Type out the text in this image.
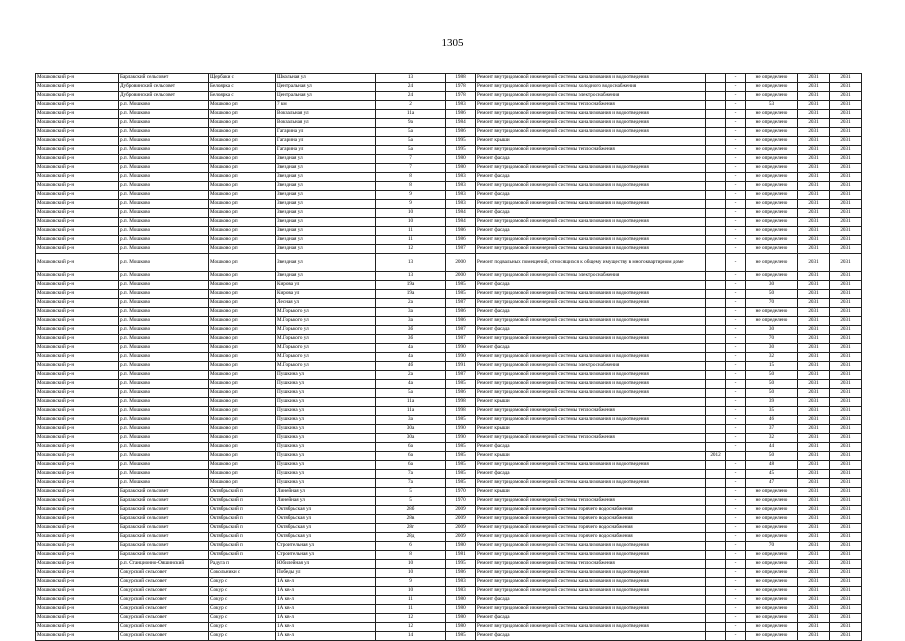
1305
Мошковский р-н	Барлакский сельсовет	Щербаки с	Школьная ул	13	1988	Ремонт внутридомовой инженерной системы канализования и водоотведения		-	не определено	2031	2031
Мошковский р-н	Дубровинский сельсовет	Белоярка с	Центральная ул	24	1978	Ремонт внутридомовой инженерной системы холодного водоснабжения		-	не определено	2031	2031
Мошковский р-н	Дубровинский сельсовет	Белоярка с	Центральная ул	24	1978	Ремонт внутридомовой инженерной системы электроснабжения		-	не определено	2031	2031
Мошковский р-н	р.п. Мошково	Мошково рп	7 км	2	1983	Ремонт внутридомовой инженерной системы теплоснабжения		-	53	2031	2031
Мошковский р-н	р.п. Мошково	Мошково рп	Вокзальная ул	11а	1986	Ремонт внутридомовой инженерной системы канализования и водоотведения		-	не определено	2031	2031
Мошковский р-н	р.п. Мошково	Мошково рп	Вокзальная ул	9а	1984	Ремонт внутридомовой инженерной системы канализования и водоотведения		-	не определено	2031	2031
Мошковский р-н	р.п. Мошково	Мошково рп	Гагарина ул	5а	1986	Ремонт внутридомовой инженерной системы канализования и водоотведения		-	не определено	2031	2031
Мошковский р-н	р.п. Мошково	Мошково рп	Гагарина ул	5а	1995	Ремонт крыши		-	не определено	2031	2031
Мошковский р-н	р.п. Мошково	Мошково рп	Гагарина ул	5а	1995	Ремонт внутридомовой инженерной системы теплоснабжения		-	не определено	2031	2031
Мошковский р-н	р.п. Мошково	Мошково рп	Звездная ул	7	1980	Ремонт фасада		-	не определено	2031	2031
Мошковский р-н	р.п. Мошково	Мошково рп	Звездная ул	7	1980	Ремонт внутридомовой инженерной системы канализования и водоотведения		-	не определено	2031	2031
Мошковский р-н	р.п. Мошково	Мошково рп	Звездная ул	8	1983	Ремонт фасада		-	не определено	2031	2031
Мошковский р-н	р.п. Мошково	Мошково рп	Звездная ул	8	1983	Ремонт внутридомовой инженерной системы канализования и водоотведения		-	не определено	2031	2031
Мошковский р-н	р.п. Мошково	Мошково рп	Звездная ул	9	1983	Ремонт фасада		-	не определено	2031	2031
Мошковский р-н	р.п. Мошково	Мошково рп	Звездная ул	9	1983	Ремонт внутридомовой инженерной системы канализования и водоотведения		-	не определено	2031	2031
Мошковский р-н	р.п. Мошково	Мошково рп	Звездная ул	10	1984	Ремонт фасада		-	не определено	2031	2031
Мошковский р-н	р.п. Мошково	Мошково рп	Звездная ул	10	1984	Ремонт внутридомовой инженерной системы канализования и водоотведения		-	не определено	2031	2031
Мошковский р-н	р.п. Мошково	Мошково рп	Звездная ул	11	1986	Ремонт фасада		-	не определено	2031	2031
Мошковский р-н	р.п. Мошково	Мошково рп	Звездная ул	11	1986	Ремонт внутридомовой инженерной системы канализования и водоотведения		-	не определено	2031	2031
Мошковский р-н	р.п. Мошково	Мошково рп	Звездная ул	12	1987	Ремонт внутридомовой инженерной системы канализования и водоотведения		-	не определено	2031	2031
Мошковский р-н	р.п. Мошково	Мошково рп	Звездная ул	13	2000	Ремонт подвальных помещений, относящихся к общему имуществу в многоквартирном доме		-	не определено	2031	2031
Мошковский р-н	р.п. Мошково	Мошково рп	Звездная ул	13	2000	Ремонт внутридомовой инженерной системы электроснабжения		-	не определено	2031	2031
Мошковский р-н	р.п. Мошково	Мошково рп	Кирова ул	19а	1985	Ремонт фасада		-	30	2031	2031
Мошковский р-н	р.п. Мошково	Мошково рп	Кирова ул	19а	1985	Ремонт внутридомовой инженерной системы канализования и водоотведения		-	50	2031	2031
Мошковский р-н	р.п. Мошково	Мошково рп	Лесная ул	2а	1987	Ремонт внутридомовой инженерной системы канализования и водоотведения		-	70	2031	2031
Мошковский р-н	р.п. Мошково	Мошково рп	М.Горького ул	3а	1986	Ремонт фасада		-	не определено	2031	2031
Мошковский р-н	р.п. Мошково	Мошково рп	М.Горького ул	3а	1986	Ремонт внутридомовой инженерной системы канализования и водоотведения		-	не определено	2031	2031
Мошковский р-н	р.п. Мошково	Мошково рп	М.Горького ул	3б	1987	Ремонт фасада		-	30	2031	2031
Мошковский р-н	р.п. Мошково	Мошково рп	М.Горького ул	3б	1987	Ремонт внутридомовой инженерной системы канализования и водоотведения		-	70	2031	2031
Мошковский р-н	р.п. Мошково	Мошково рп	М.Горького ул	4а	1990	Ремонт фасада		-	30	2031	2031
Мошковский р-н	р.п. Мошково	Мошково рп	М.Горького ул	4а	1990	Ремонт внутридомовой инженерной системы канализования и водоотведения		-	32	2031	2031
Мошковский р-н	р.п. Мошково	Мошково рп	М.Горького ул	4б	1991	Ремонт внутридомовой инженерной системы электроснабжения		-	15	2031	2031
Мошковский р-н	р.п. Мошково	Мошково рп	Пушкина ул	2а	1987	Ремонт внутридомовой инженерной системы канализования и водоотведения		-	50	2031	2031
Мошковский р-н	р.п. Мошково	Мошково рп	Пушкина ул	4а	1985	Ремонт внутридомовой инженерной системы канализования и водоотведения		-	50	2031	2031
Мошковский р-н	р.п. Мошково	Мошково рп	Пушкина ул	5а	1986	Ремонт внутридомовой инженерной системы канализования и водоотведения		-	50	2031	2031
Мошковский р-н	р.п. Мошково	Мошково рп	Пушкина ул	11а	1998	Ремонт крыши		-	39	2031	2031
Мошковский р-н	р.п. Мошково	Мошково рп	Пушкина ул	11а	1998	Ремонт внутридомовой инженерной системы теплоснабжения		-	35	2031	2031
Мошковский р-н	р.п. Мошково	Мошково рп	Пушкина ул	3а	1985	Ремонт внутридомовой инженерной системы канализования и водоотведения		-	46	2031	2031
Мошковский р-н	р.п. Мошково	Мошково рп	Пушкина ул	30а	1990	Ремонт крыши		-	37	2031	2031
Мошковский р-н	р.п. Мошково	Мошково рп	Пушкина ул	30а	1990	Ремонт внутридомовой инженерной системы теплоснабжения		-	32	2031	2031
Мошковский р-н	р.п. Мошково	Мошково рп	Пушкина ул	6а	1985	Ремонт фасада		-	44	2031	2031
Мошковский р-н	р.п. Мошково	Мошково рп	Пушкина ул	6а	1985	Ремонт крыши	2012		50	2031	2031
Мошковский р-н	р.п. Мошково	Мошково рп	Пушкина ул	6а	1985	Ремонт внутридомовой инженерной системы канализования и водоотведения		-	48	2031	2031
Мошковский р-н	р.п. Мошково	Мошково рп	Пушкина ул	7а	1985	Ремонт фасада		-	45	2031	2031
Мошковский р-н	р.п. Мошково	Мошково рп	Пушкина ул	7а	1985	Ремонт внутридомовой инженерной системы канализования и водоотведения		-	47	2031	2031
Мошковский р-н	Барлакский сельсовет	Октябрьский п	Линейная ул	5	1970	Ремонт крыши		-	не определено	2031	2031
Мошковский р-н	Барлакский сельсовет	Октябрьский п	Линейная ул	5	1970	Ремонт внутридомовой инженерной системы теплоснабжения		-	не определено	2031	2031
Мошковский р-н	Барлакский сельсовет	Октябрьский п	Октябрьская ул	28б	2009	Ремонт внутридомовой инженерной системы горячего водоснабжения		-	не определено	2031	2031
Мошковский р-н	Барлакский сельсовет	Октябрьский п	Октябрьская ул	28в	2009	Ремонт внутридомовой инженерной системы горячего водоснабжения		-	не определено	2031	2031
Мошковский р-н	Барлакский сельсовет	Октябрьский п	Октябрьская ул	28г	2009	Ремонт внутридомовой инженерной системы горячего водоснабжения		-	не определено	2031	2031
Мошковский р-н	Барлакский сельсовет	Октябрьский п	Октябрьская ул	28д	2009	Ремонт внутридомовой инженерной системы горячего водоснабжения		-	не определено	2031	2031
Мошковский р-н	Барлакский сельсовет	Октябрьский п	Строительная ул	6	1980	Ремонт внутридомовой инженерной системы канализования и водоотведения		-	70	2031	2031
Мошковский р-н	Барлакский сельсовет	Октябрьский п	Строительная ул	8	1981	Ремонт внутридомовой инженерной системы канализования и водоотведения		-	не определено	2031	2031
Мошковский р-н	р.п. Станционно-Ояшинский	Радуга п	Юбилейная ул	10	1995	Ремонт внутридомовой инженерной системы теплоснабжения		-	не определено	2031	2031
Мошковский р-н	Сокурский сельсовет	Сокольники с	Победы ул	10	1986	Ремонт внутридомовой инженерной системы канализования и водоотведения		-	не определено	2031	2031
Мошковский р-н	Сокурский сельсовет	Сокур с	1А кв-л	9	1983	Ремонт внутридомовой инженерной системы канализования и водоотведения		-	не определено	2031	2031
Мошковский р-н	Сокурский сельсовет	Сокур с	1А кв-л	10	1983	Ремонт внутридомовой инженерной системы канализования и водоотведения		-	не определено	2031	2031
Мошковский р-н	Сокурский сельсовет	Сокур с	1А кв-л	11	1980	Ремонт фасада		-	не определено	2031	2031
Мошковский р-н	Сокурский сельсовет	Сокур с	1А кв-л	11	1980	Ремонт внутридомовой инженерной системы канализования и водоотведения		-	не определено	2031	2031
Мошковский р-н	Сокурский сельсовет	Сокур с	1А кв-л	12	1980	Ремонт фасада		-	не определено	2031	2031
Мошковский р-н	Сокурский сельсовет	Сокур с	1А кв-л	12	1980	Ремонт внутридомовой инженерной системы канализования и водоотведения		-	не определено	2031	2031
Мошковский р-н	Сокурский сельсовет	Сокур с	1А кв-л	14	1985	Ремонт фасада		-	не определено	2031	2031
